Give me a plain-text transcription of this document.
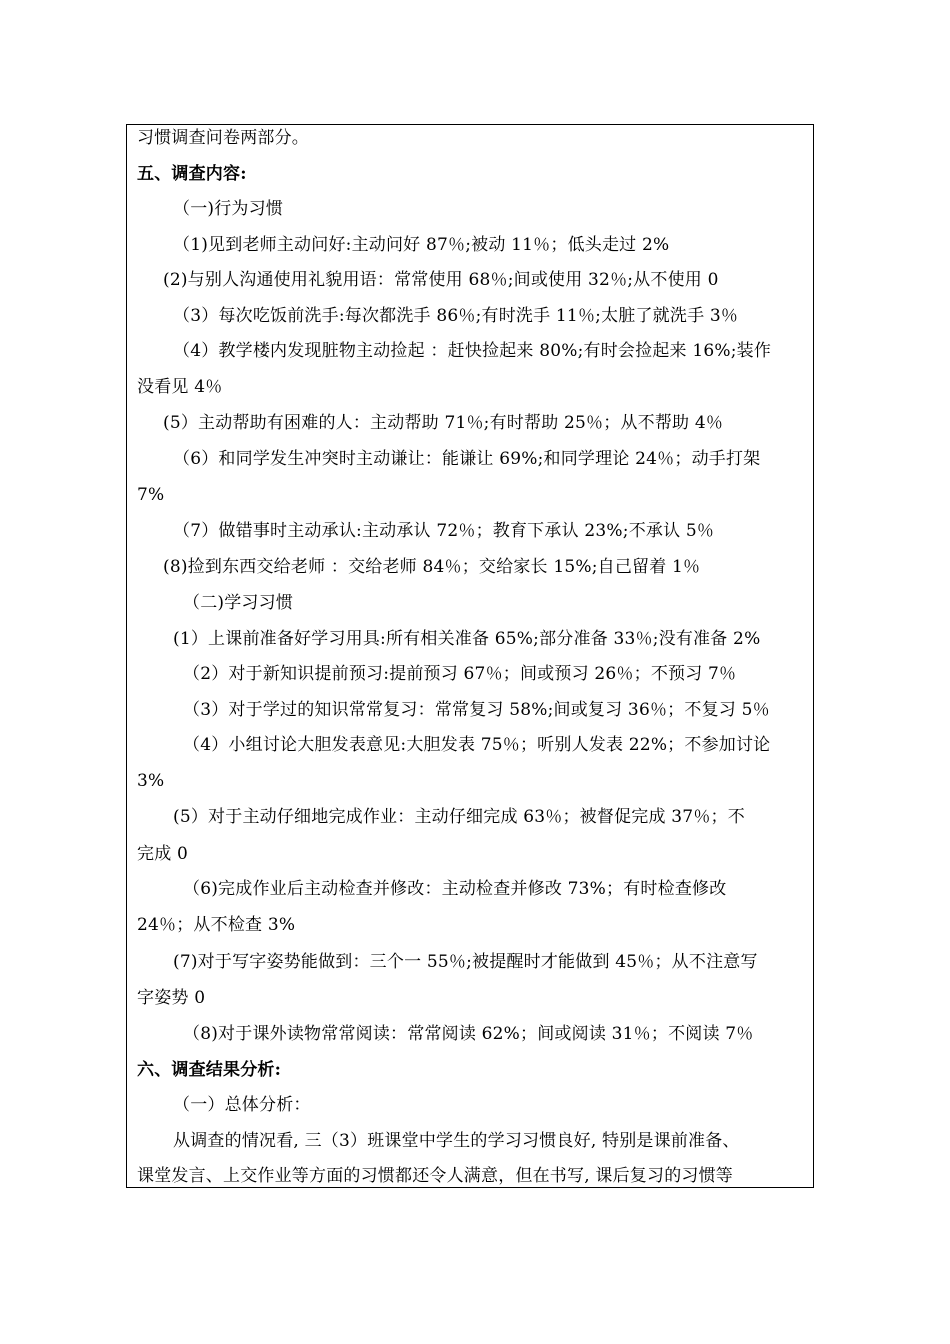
习惯调查问卷两部分。
五、调查内容:
（一)行为习惯
（1)见到老师主动问好:主动问好 87％;被动 11％；低头走过 2%
(2)与别人沟通使用礼貌用语：常常使用 68％;间或使用 32％;从不使用 0
（3）每次吃饭前洗手:每次都洗手 86％;有时洗手 11％;太脏了就洗手 3％
（4）教学楼内发现脏物主动捡起 ：赶快捡起来 80%;有时会捡起来 16%;装作
没看见 4％
(5）主动帮助有困难的人：主动帮助 71％;有时帮助 25％；从不帮助 4％
（6）和同学发生冲突时主动谦让：能谦让 69%;和同学理论 24％；动手打架
7%
（7）做错事时主动承认:主动承认 72％；教育下承认 23%;不承认 5％
(8)捡到东西交给老师 ：交给老师 84％；交给家长 15%;自己留着 1％
（二)学习习惯
(1）上课前准备好学习用具:所有相关准备 65%;部分准备 33％;没有准备 2%
（2）对于新知识提前预习:提前预习 67％；间或预习 26％；不预习 7％
（3）对于学过的知识常常复习：常常复习 58%;间或复习 36％；不复习 5％
（4）小组讨论大胆发表意见:大胆发表 75％；听别人发表 22%；不参加讨论
3%
(5）对于主动仔细地完成作业：主动仔细完成 63％；被督促完成 37％；不
完成 0
（6)完成作业后主动检查并修改：主动检查并修改 73%；有时检查修改
24％；从不检查 3%
(7)对于写字姿势能做到：三个一 55％;被提醒时才能做到 45％；从不注意写
字姿势 0
（8)对于课外读物常常阅读：常常阅读 62%；间或阅读 31％；不阅读 7％
六、调查结果分析:
（一）总体分析：
从调查的情况看, 三（3）班课堂中学生的学习习惯良好, 特别是课前准备、
课堂发言、上交作业等方面的习惯都还令人满意，但在书写, 课后复习的习惯等
